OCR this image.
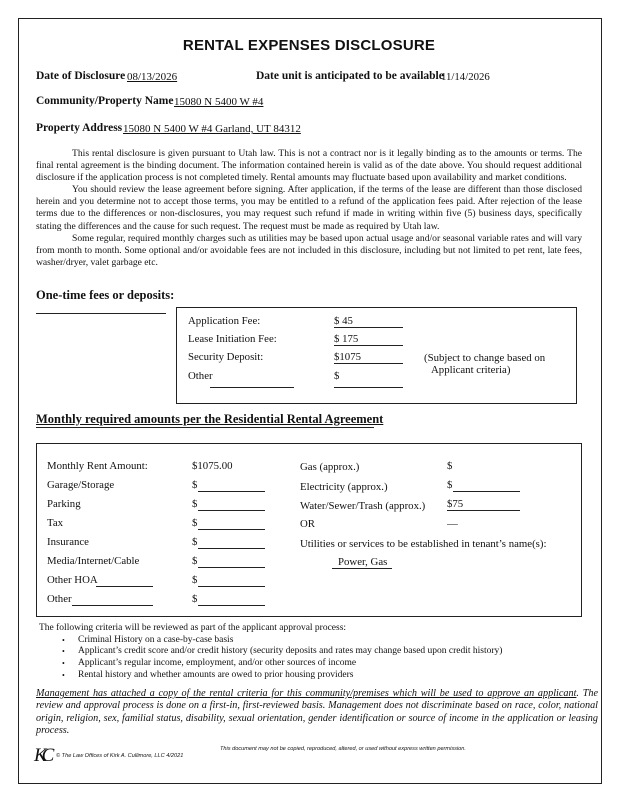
RENTAL EXPENSES DISCLOSURE
Date of Disclosure 08/13/2026	Date unit is anticipated to be available
11/14/2026
Community/Property Name 15080 N 5400 W #4
Property Address 15080 N 5400 W #4 Garland, UT 84312

This rental disclosure is given pursuant to Utah law. This is not a contract nor is it legally binding as to the amounts or terms. The final rental agreement is the binding document. The information contained herein is valid as of the date above. You should request additional disclosure if the application process is not completed timely. Rental amounts may fluctuate based upon availability and market conditions.

You should review the lease agreement before signing. After application, if the terms of the lease are different than those disclosed herein and you determine not to accept those terms, you may be entitled to a refund of the application fees paid. After rejection of the lease terms due to the differences or non-disclosures, you may request such refund if made in writing within five (5) business days, specifically stating the differences and the cause for such request. The request must be made as required by Utah law.

Some regular, required monthly charges such as utilities may be based upon actual usage and/or seasonal variable rates and will vary from month to month. Some optional and/or avoidable fees are not included in this disclosure, including but not limited to pet rent, late fees, washer/dryer, valet garbage etc.

One-time fees or deposits:
Application Fee:	$ 45
Lease Initiation Fee:	$ 175
Security Deposit:	$1075
Other	$
(Subject to change based on
Applicant criteria)
Monthly required amounts per the Residential Rental Agreement
Monthly Rent Amount:	$1075.00
Garage/Storage	$
Parking	$
Tax	$
Insurance	$
Media/Internet/Cable	$
Other HOA	$
Other	$
Gas (approx.)	$
Electricity (approx.)	$
Water/Sewer/Trash (approx.) $75
OR	—
Utilities or services to be established in tenant’s name(s):
Power, Gas
The following criteria will be reviewed as part of the applicant approval process:
• Criminal History on a case-by-case basis
• Applicant’s credit score and/or credit history (security deposits and rates may change based upon credit history)
• Applicant’s regular income, employment, and/or other sources of income
• Rental history and whether amounts are owed to prior housing providers
Management has attached a copy of the rental criteria for this community/premises which will be used to approve an applicant. The review and approval process is done on a first-in, first-reviewed basis. Management does not discriminate based on race, color, national origin, religion, sex, familial status, disability, sexual orientation, gender identification or source of income in the application or leasing process.
KC © The Law Offices of Kirk A. Cullimore, LLC 4/2021
This document may not be copied, reproduced, altered, or used without express written permission.
